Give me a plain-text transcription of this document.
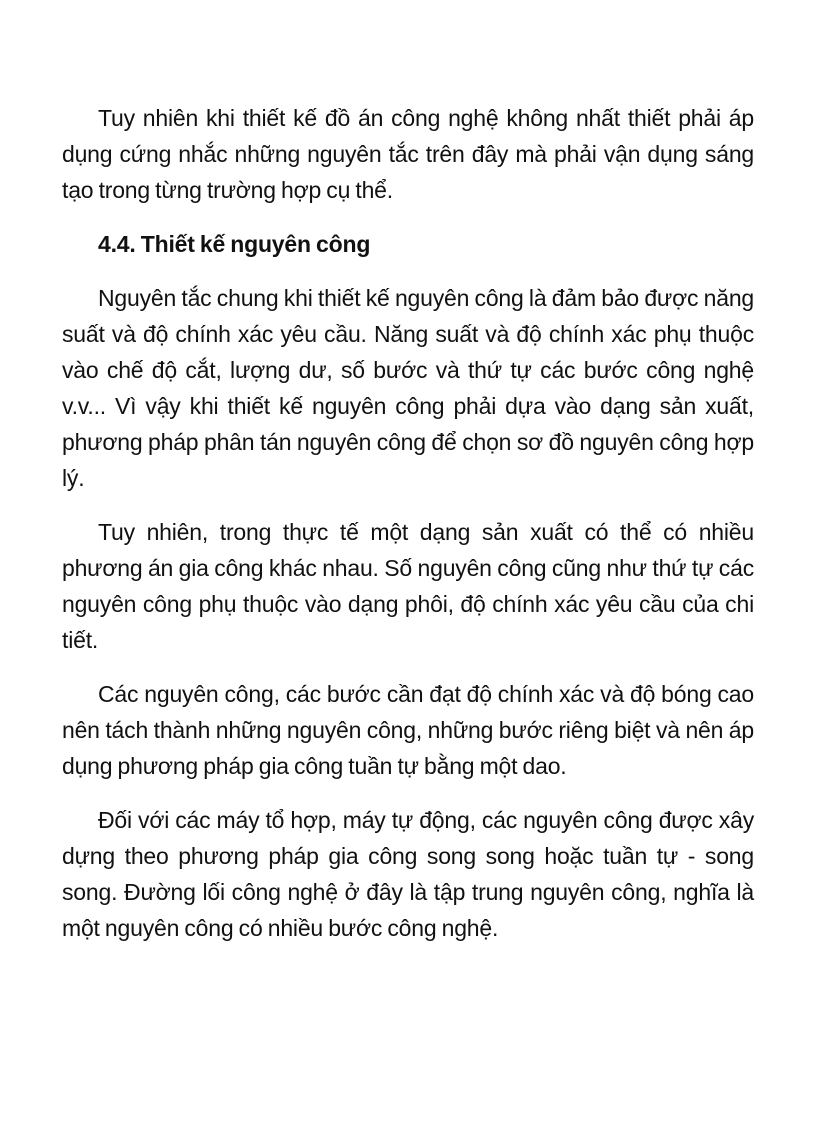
Tuy nhiên khi thiết kế đồ án công nghệ không nhất thiết phải áp dụng cứng nhắc những nguyên tắc trên đây mà phải vận dụng sáng tạo trong từng trường hợp cụ thể.

4.4. Thiết kế nguyên công

Nguyên tắc chung khi thiết kế nguyên công là đảm bảo được năng suất và độ chính xác yêu cầu. Năng suất và độ chính xác phụ thuộc vào chế độ cắt, lượng dư, số bước và thứ tự các bước công nghệ v.v... Vì vậy khi thiết kế nguyên công phải dựa vào dạng sản xuất, phương pháp phân tán nguyên công để chọn sơ đồ nguyên công hợp lý.

Tuy nhiên, trong thực tế một dạng sản xuất có thể có nhiều phương án gia công khác nhau. Số nguyên công cũng như thứ tự các nguyên công phụ thuộc vào dạng phôi, độ chính xác yêu cầu của chi tiết.

Các nguyên công, các bước cần đạt độ chính xác và độ bóng cao nên tách thành những nguyên công, những bước riêng biệt và nên áp dụng phương pháp gia công tuần tự bằng một dao.

Đối với các máy tổ hợp, máy tự động, các nguyên công được xây dựng theo phương pháp gia công song song hoặc tuần tự - song song. Đường lối công nghệ ở đây là tập trung nguyên công, nghĩa là một nguyên công có nhiều bước công nghệ.
